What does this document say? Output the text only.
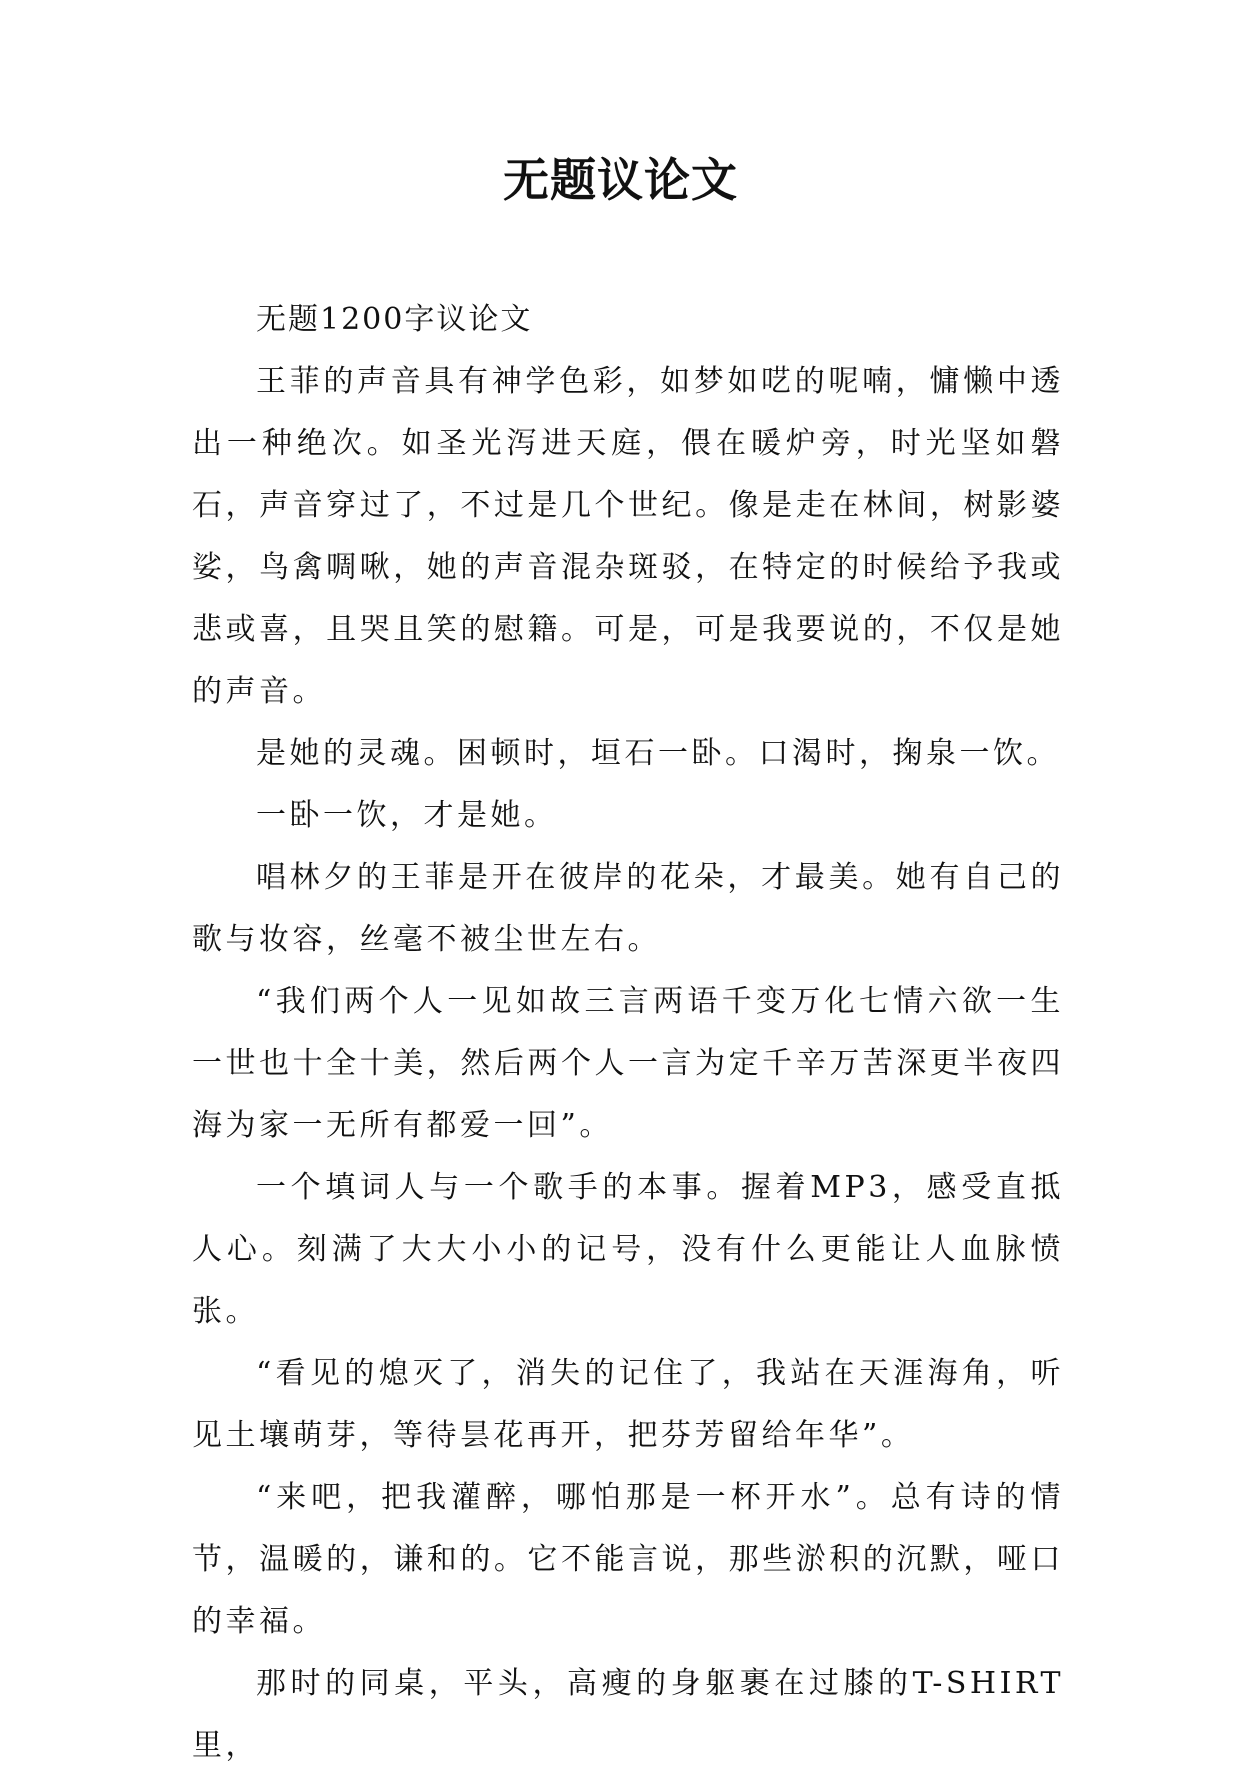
无题议论文

无题1200字议论文

王菲的声音具有神学色彩，如梦如呓的呢喃，慵懒中透出一种绝次。如圣光泻进天庭，偎在暖炉旁，时光坚如磐石，声音穿过了，不过是几个世纪。像是走在林间，树影婆娑，鸟禽啁啾，她的声音混杂斑驳，在特定的时候给予我或悲或喜，且哭且笑的慰籍。可是，可是我要说的，不仅是她的声音。

是她的灵魂。困顿时，垣石一卧。口渴时，掬泉一饮。

一卧一饮，才是她。

唱林夕的王菲是开在彼岸的花朵，才最美。她有自己的歌与妆容，丝毫不被尘世左右。

“我们两个人一见如故三言两语千变万化七情六欲一生一世也十全十美，然后两个人一言为定千辛万苦深更半夜四海为家一无所有都爱一回”。

一个填词人与一个歌手的本事。握着MP3，感受直抵人心。刻满了大大小小的记号，没有什么更能让人血脉愤张。

“看见的熄灭了，消失的记住了，我站在天涯海角，听见土壤萌芽，等待昙花再开，把芬芳留给年华”。

“来吧，把我灌醉，哪怕那是一杯开水”。总有诗的情节，温暖的，谦和的。它不能言说，那些淤积的沉默，哑口的幸福。

那时的同桌，平头，高瘦的身躯裹在过膝的T-SHIRT里，
